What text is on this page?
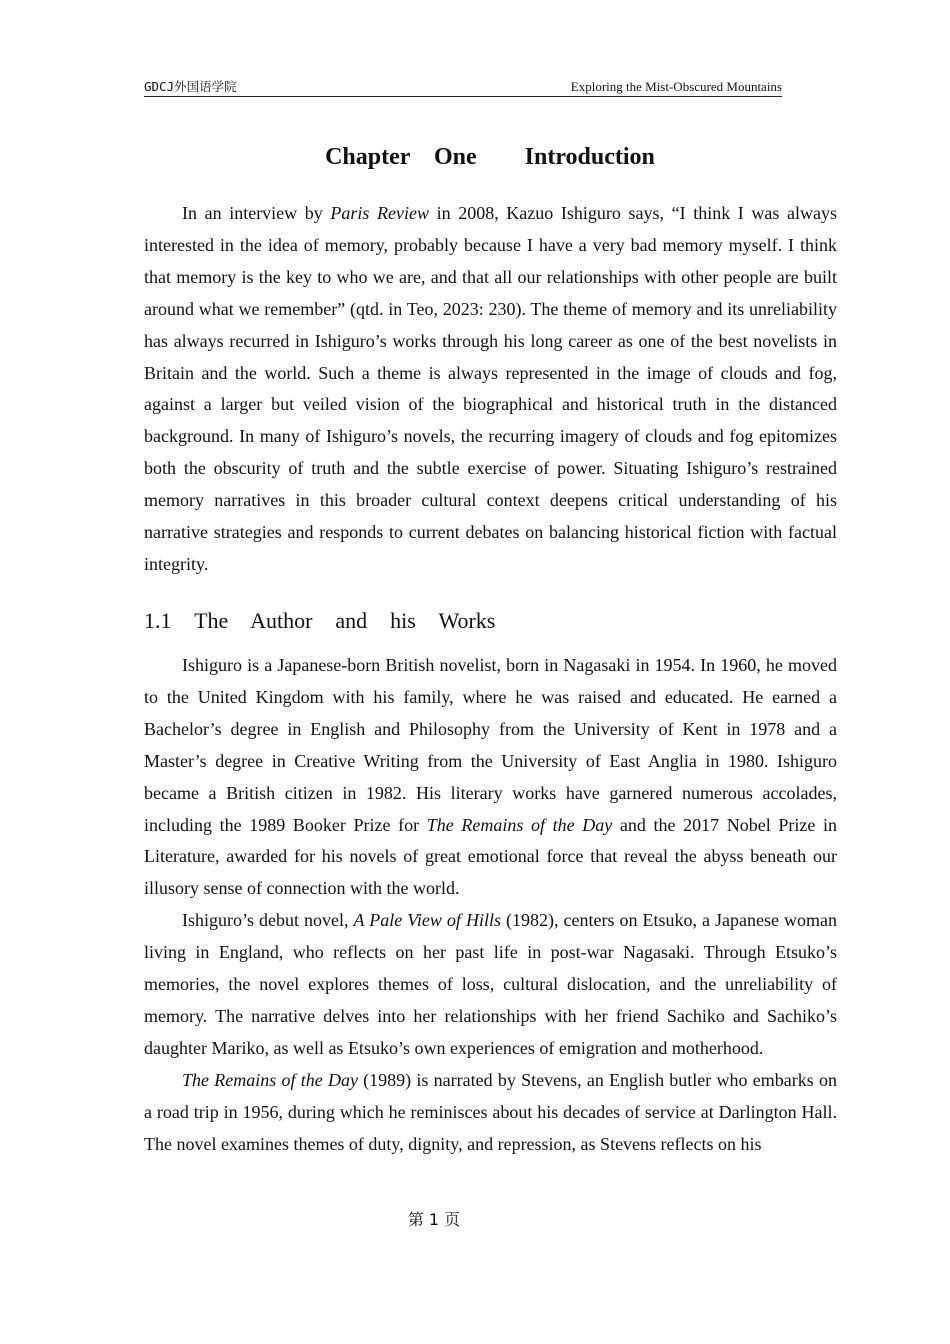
GDCJ外国语学院	Exploring the Mist-Obscured Mountains
Chapter  One    Introduction

In an interview by Paris Review in 2008, Kazuo Ishiguro says, “I think I was always interested in the idea of memory, probably because I have a very bad memory myself. I think that memory is the key to who we are, and that all our relationships with other people are built around what we remember” (qtd. in Teo, 2023: 230). The theme of memory and its unreliability has always recurred in Ishiguro’s works through his long career as one of the best novelists in Britain and the world. Such a theme is always represented in the image of clouds and fog, against a larger but veiled vision of the biographical and historical truth in the distanced background. In many of Ishiguro’s novels, the recurring imagery of clouds and fog epitomizes both the obscurity of truth and the subtle exercise of power. Situating Ishiguro’s restrained memory narratives in this broader cultural context deepens critical understanding of his narrative strategies and responds to current debates on balancing historical fiction with factual integrity.

1.1  The  Author  and  his  Works

Ishiguro is a Japanese-born British novelist, born in Nagasaki in 1954. In 1960, he moved to the United Kingdom with his family, where he was raised and educated. He earned a Bachelor’s degree in English and Philosophy from the University of Kent in 1978 and a Master’s degree in Creative Writing from the University of East Anglia in 1980. Ishiguro became a British citizen in 1982. His literary works have garnered numerous accolades, including the 1989 Booker Prize for The Remains of the Day and the 2017 Nobel Prize in Literature, awarded for his novels of great emotional force that reveal the abyss beneath our illusory sense of connection with the world.

Ishiguro’s debut novel, A Pale View of Hills (1982), centers on Etsuko, a Japanese woman living in England, who reflects on her past life in post-war Nagasaki. Through Etsuko’s memories, the novel explores themes of loss, cultural dislocation, and the unreliability of memory. The narrative delves into her relationships with her friend Sachiko and Sachiko’s daughter Mariko, as well as Etsuko’s own experiences of emigration and motherhood.

The Remains of the Day (1989) is narrated by Stevens, an English butler who embarks on a road trip in 1956, during which he reminisces about his decades of service at Darlington Hall. The novel examines themes of duty, dignity, and repression, as Stevens reflects on his

第 1 页
